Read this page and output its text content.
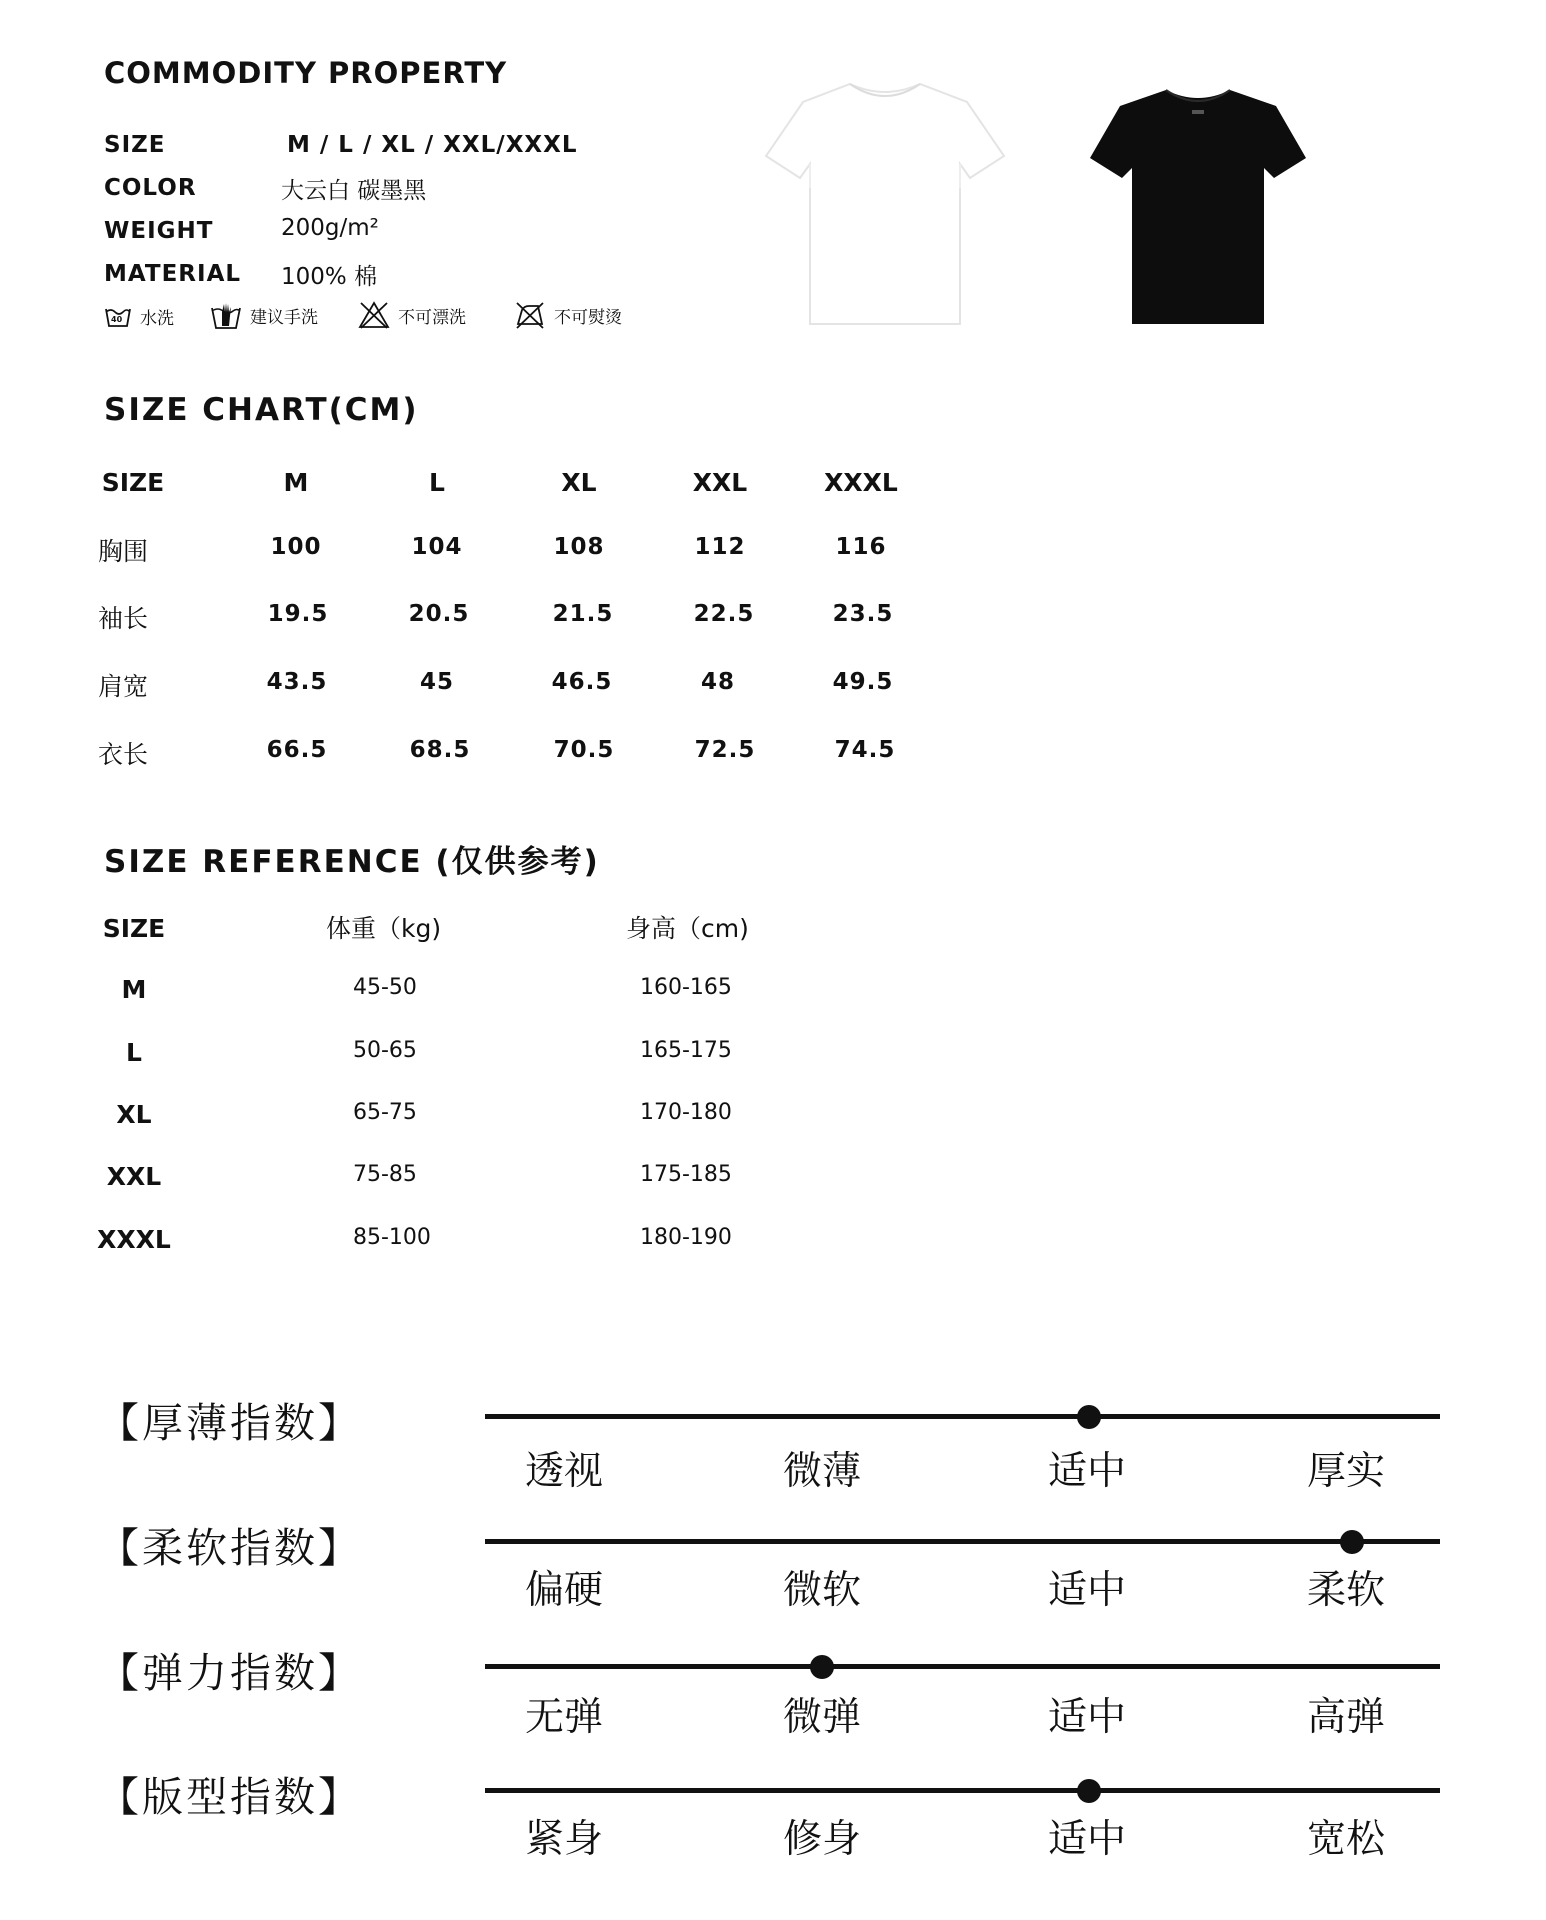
COMMODITY PROPERTY
SIZE	M / L / XL / XXL/XXXL
COLOR	大云白 碳墨黑
WEIGHT	200g/m²
MATERIAL 100% 棉
40 水洗	建议手洗	不可漂洗	不可熨烫
SIZE CHART(CM)
SIZE	M	L	XL	XXL	XXXL
胸围	100	104	108	112	116
袖长	19.5	20.5	21.5	22.5	23.5
肩宽	43.5	45	46.5	48	49.5
衣长	66.5	68.5	70.5	72.5	74.5
SIZE REFERENCE (仅供参考)
SIZE	体重（kg)	身高（cm)
M	45-50	160-165
L	50-65	165-175
XL	65-75	170-180
XXL	75-85	175-185
XXXL	85-100	180-190
【厚薄指数】
透视	微薄	适中	厚实
【柔软指数】
偏硬	微软	适中	柔软
【弹力指数】
无弹	微弹	适中	高弹
【版型指数】
紧身	修身	适中	宽松
